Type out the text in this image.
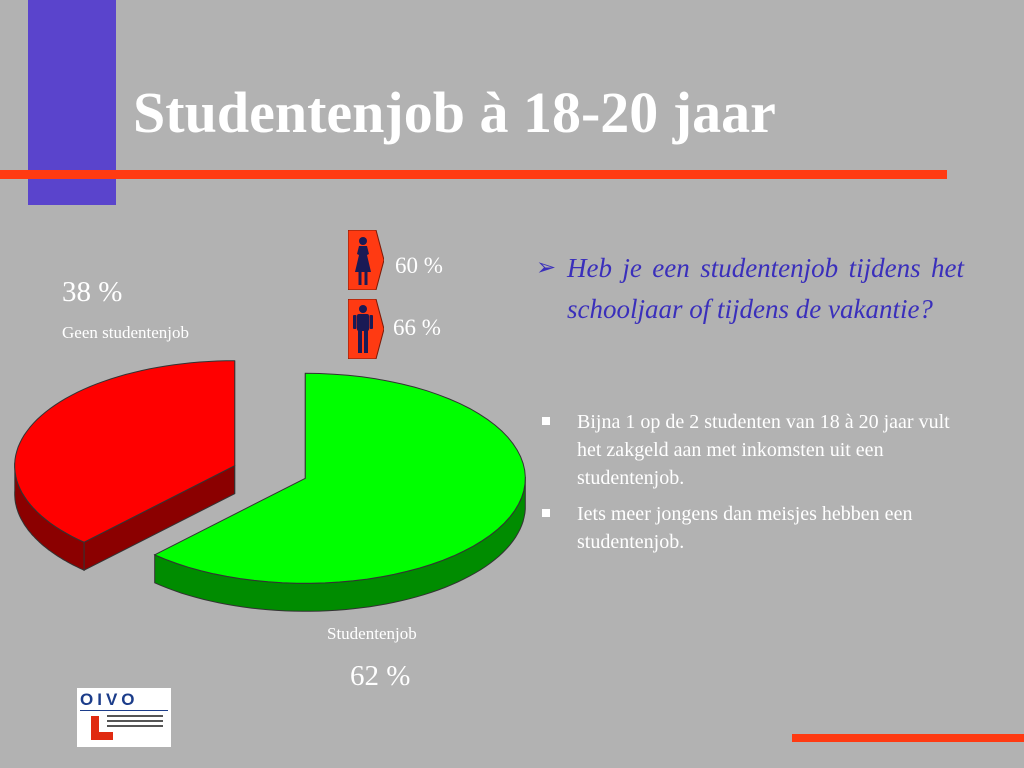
Studentenjob à 18-20 jaar
38 %
Geen studentenjob
Studentenjob
62 %
60 %
66 %
➢ Heb je een studentenjob tijdens het schooljaar of tijdens de vakantie?
Bijna 1 op de 2 studenten van 18 à 20 jaar vult het zakgeld aan met inkomsten uit een studentenjob.
Iets meer jongens dan meisjes hebben een studentenjob.
OIVO
